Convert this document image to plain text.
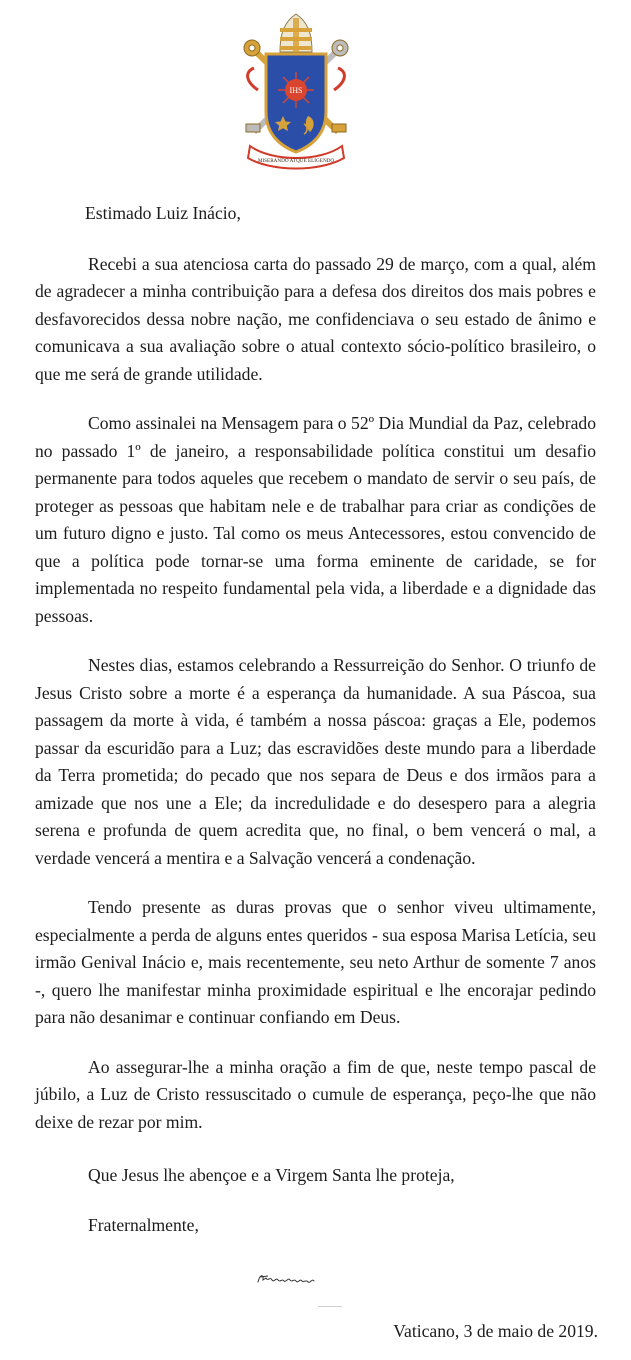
IHS
MISERANDO ATQUE ELIGENDO

Estimado Luiz Inácio,

Recebi a sua atenciosa carta do passado 29 de março, com a qual, além de agradecer a minha contribuição para a defesa dos direitos dos mais pobres e desfavorecidos dessa nobre nação, me confidenciava o seu estado de ânimo e comunicava a sua avaliação sobre o atual contexto sócio-político brasileiro, o que me será de grande utilidade.

Como assinalei na Mensagem para o 52º Dia Mundial da Paz, celebrado no passado 1º de janeiro, a responsabilidade política constitui um desafio permanente para todos aqueles que recebem o mandato de servir o seu país, de proteger as pessoas que habitam nele e de trabalhar para criar as condições de um futuro digno e justo. Tal como os meus Antecessores, estou convencido de que a política pode tornar-se uma forma eminente de caridade, se for implementada no respeito fundamental pela vida, a liberdade e a dignidade das pessoas.

Nestes dias, estamos celebrando a Ressurreição do Senhor. O triunfo de Jesus Cristo sobre a morte é a esperança da humanidade. A sua Páscoa, sua passagem da morte à vida, é também a nossa páscoa: graças a Ele, podemos passar da escuridão para a Luz; das escravidões deste mundo para a liberdade da Terra prometida; do pecado que nos separa de Deus e dos irmãos para a amizade que nos une a Ele; da incredulidade e do desespero para a alegria serena e profunda de quem acredita que, no final, o bem vencerá o mal, a verdade vencerá a mentira e a Salvação vencerá a condenação.

Tendo presente as duras provas que o senhor viveu ultimamente, especialmente a perda de alguns entes queridos - sua esposa Marisa Letícia, seu irmão Genival Inácio e, mais recentemente, seu neto Arthur de somente 7 anos -, quero lhe manifestar minha proximidade espiritual e lhe encorajar pedindo para não desanimar e continuar confiando em Deus.

Ao assegurar-lhe a minha oração a fim de que, neste tempo pascal de júbilo, a Luz de Cristo ressuscitado o cumule de esperança, peço-lhe que não deixe de rezar por mim.

Que Jesus lhe abençoe e a Virgem Santa lhe proteja,

Fraternalmente,

Vaticano, 3 de maio de 2019.
